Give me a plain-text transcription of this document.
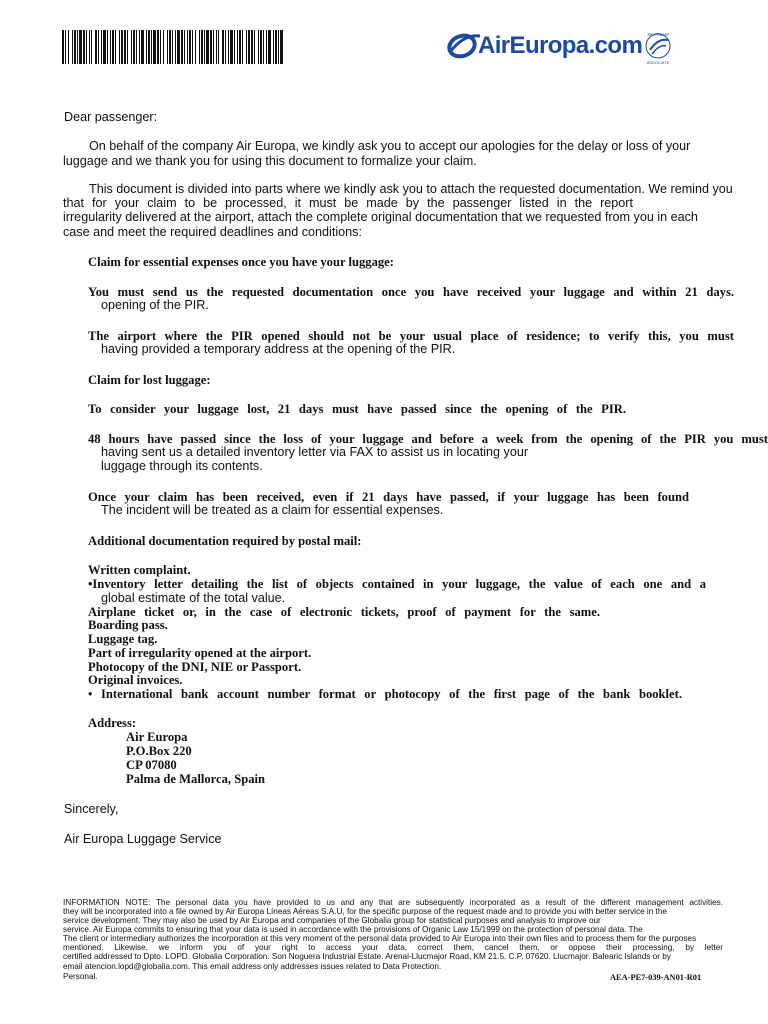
AirEuropa.com SKYTEAM
ASSOCIATE
Dear passenger:
On behalf of the company Air Europa, we kindly ask you to accept our apologies for the delay or loss of your
luggage and we thank you for using this document to formalize your claim.
This document is divided into parts where we kindly ask you to attach the requested documentation. We remind you
that for your claim to be processed, it must be made by the passenger listed in the report
irregularity delivered at the airport, attach the complete original documentation that we requested from you in each
case and meet the required deadlines and conditions:
Claim for essential expenses once you have your luggage:
You must send us the requested documentation once you have received your luggage and within 21 days.
opening of the PIR.
The airport where the PIR opened should not be your usual place of residence; to verify this, you must
having provided a temporary address at the opening of the PIR.
Claim for lost luggage:
To consider your luggage lost, 21 days must have passed since the opening of the PIR.
48 hours have passed since the loss of your luggage and before a week from the opening of the PIR you must
having sent us a detailed inventory letter via FAX to assist us in locating your
luggage through its contents.
Once your claim has been received, even if 21 days have passed, if your luggage has been found
The incident will be treated as a claim for essential expenses.
Additional documentation required by postal mail:
Written complaint.
•Inventory letter detailing the list of objects contained in your luggage, the value of each one and a
global estimate of the total value.
Airplane ticket or, in the case of electronic tickets, proof of payment for the same.
Boarding pass.
Luggage tag.
Part of irregularity opened at the airport.
Photocopy of the DNI, NIE or Passport.
Original invoices.
• International bank account number format or photocopy of the first page of the bank booklet.
Address:
Air Europa
P.O.Box 220
CP 07080
Palma de Mallorca, Spain
Sincerely,
Air Europa Luggage Service
INFORMATION NOTE: The personal data you have provided to us and any that are subsequently incorporated as a result of the different management activities.
they will be incorporated into a file owned by Air Europa Líneas Aéreas S.A.U, for the specific purpose of the request made and to provide you with better service in the
service development. They may also be used by Air Europa and companies of the Globalia group for statistical purposes and analysis to improve our
service. Air Europa commits to ensuring that your data is used in accordance with the provisions of Organic Law 15/1999 on the protection of personal data. The
The client or intermediary authorizes the incorporation at this very moment of the personal data provided to Air Europa into their own files and to process them for the purposes
mentioned. Likewise, we inform you of your right to access your data, correct them, cancel them, or oppose their processing, by letter
certified addressed to Dpto. LOPD. Globalia Corporation. Son Noguera Industrial Estate. Arenal-Llucmajor Road, KM 21.5. C.P. 07620. Llucmajor. Balearic Islands or by
email atencion.lopd@globalia.com. This email address only addresses issues related to Data Protection.
Personal.	AEA-PE7-039-AN01-R01
